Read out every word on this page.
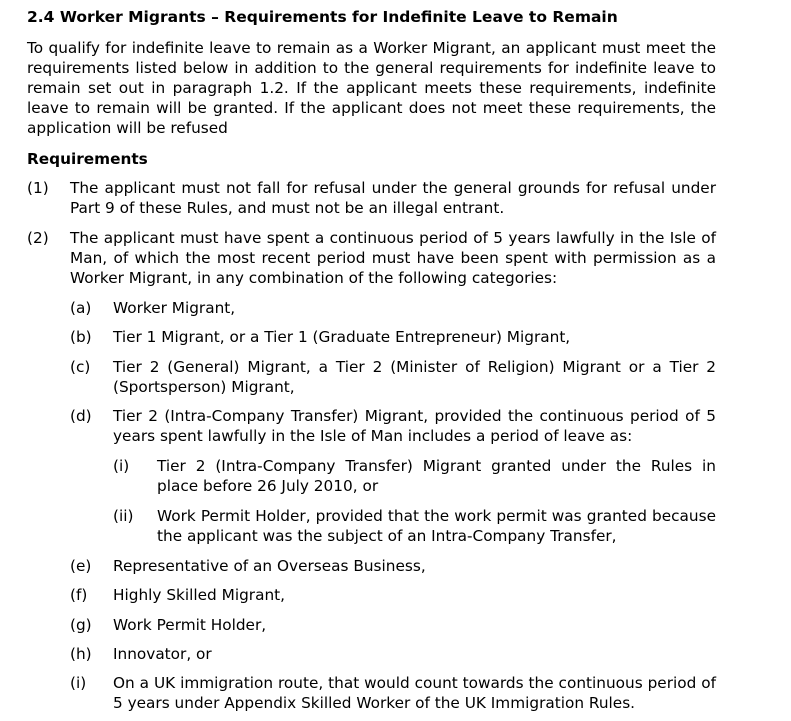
2.4 Worker Migrants – Requirements for Indefinite Leave to Remain
To qualify for indefinite leave to remain as a Worker Migrant, an applicant must meet the requirements listed below in addition to the general requirements for indefinite leave to remain set out in paragraph 1.2. If the applicant meets these requirements, indefinite leave to remain will be granted. If the applicant does not meet these requirements, the application will be refused
Requirements
(1) The applicant must not fall for refusal under the general grounds for refusal under Part 9 of these Rules, and must not be an illegal entrant.
(2) The applicant must have spent a continuous period of 5 years lawfully in the Isle of Man, of which the most recent period must have been spent with permission as a Worker Migrant, in any combination of the following categories:
(a) Worker Migrant,
(b) Tier 1 Migrant, or a Tier 1 (Graduate Entrepreneur) Migrant,
(c) Tier 2 (General) Migrant, a Tier 2 (Minister of Religion) Migrant or a Tier 2 (Sportsperson) Migrant,
(d) Tier 2 (Intra-Company Transfer) Migrant, provided the continuous period of 5 years spent lawfully in the Isle of Man includes a period of leave as:
(i) Tier 2 (Intra-Company Transfer) Migrant granted under the Rules in place before 26 July 2010, or
(ii) Work Permit Holder, provided that the work permit was granted because the applicant was the subject of an Intra-Company Transfer,
(e) Representative of an Overseas Business,
(f) Highly Skilled Migrant,
(g) Work Permit Holder,
(h) Innovator, or
(i) On a UK immigration route, that would count towards the continuous period of 5 years under Appendix Skilled Worker of the UK Immigration Rules.
